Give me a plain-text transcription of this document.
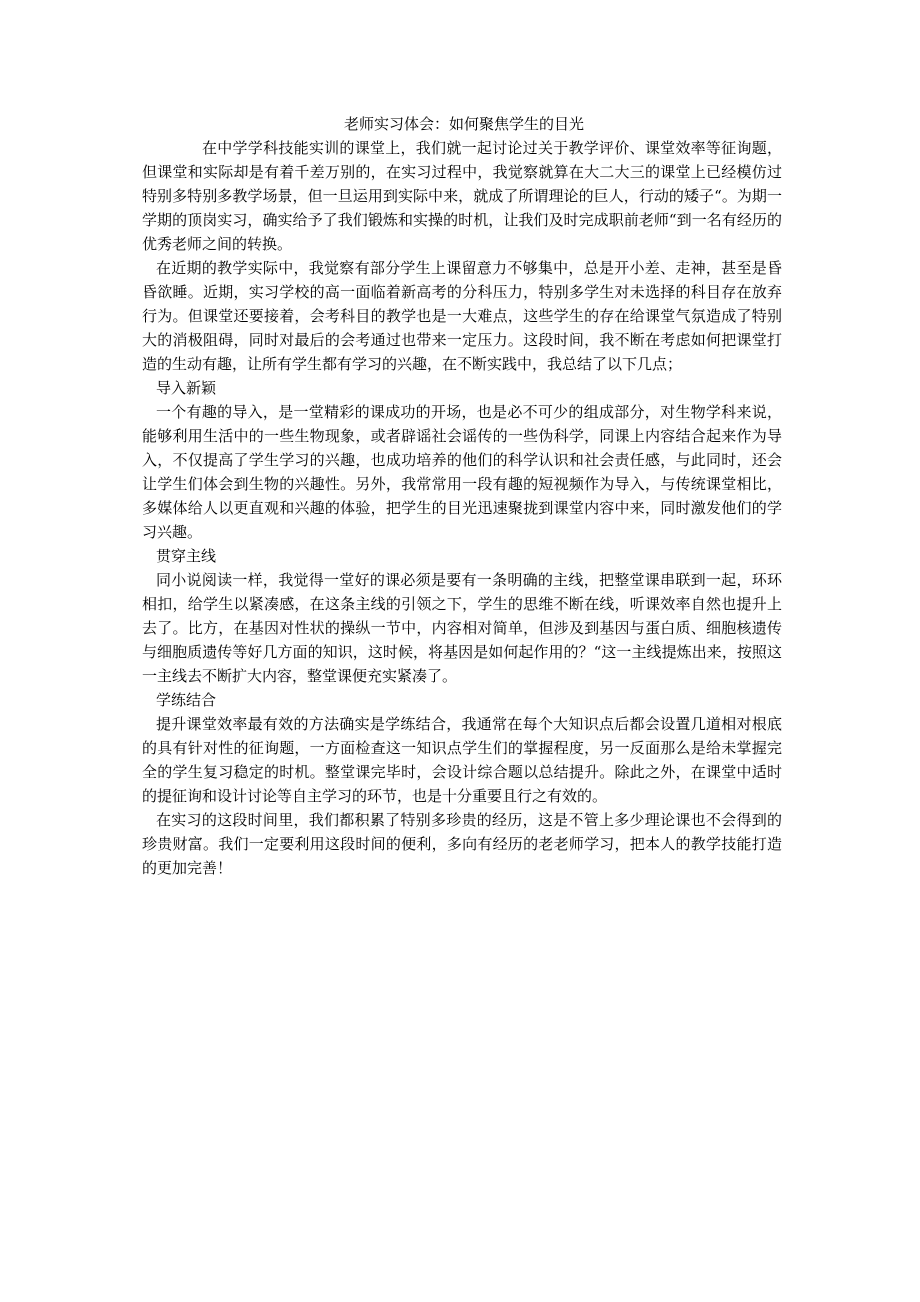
老师实习体会：如何聚焦学生的目光

在中学学科技能实训的课堂上，我们就一起讨论过关于教学评价、课堂效率等征询题，但课堂和实际却是有着千差万别的，在实习过程中，我觉察就算在大二大三的课堂上已经模仿过特别多特别多教学场景，但一旦运用到实际中来，就成了所谓理论的巨人，行动的矮子“。为期一学期的顶岗实习，确实给予了我们锻炼和实操的时机，让我们及时完成职前老师“到一名有经历的优秀老师之间的转换。

在近期的教学实际中，我觉察有部分学生上课留意力不够集中，总是开小差、走神，甚至是昏昏欲睡。近期，实习学校的高一面临着新高考的分科压力，特别多学生对未选择的科目存在放弃行为。但课堂还要接着，会考科目的教学也是一大难点，这些学生的存在给课堂气氛造成了特别大的消极阻碍，同时对最后的会考通过也带来一定压力。这段时间，我不断在考虑如何把课堂打造的生动有趣，让所有学生都有学习的兴趣，在不断实践中，我总结了以下几点；

导入新颖

一个有趣的导入，是一堂精彩的课成功的开场，也是必不可少的组成部分，对生物学科来说，能够利用生活中的一些生物现象，或者辟谣社会谣传的一些伪科学，同课上内容结合起来作为导入，不仅提高了学生学习的兴趣，也成功培养的他们的科学认识和社会责任感，与此同时，还会让学生们体会到生物的兴趣性。另外，我常常用一段有趣的短视频作为导入，与传统课堂相比，多媒体给人以更直观和兴趣的体验，把学生的目光迅速聚拢到课堂内容中来，同时激发他们的学习兴趣。

贯穿主线

同小说阅读一样，我觉得一堂好的课必须是要有一条明确的主线，把整堂课串联到一起，环环相扣，给学生以紧凑感，在这条主线的引领之下，学生的思维不断在线，听课效率自然也提升上去了。比方，在基因对性状的操纵一节中，内容相对简单，但涉及到基因与蛋白质、细胞核遗传与细胞质遗传等好几方面的知识，这时候，将基因是如何起作用的？“这一主线提炼出来，按照这一主线去不断扩大内容，整堂课便充实紧凑了。

学练结合

提升课堂效率最有效的方法确实是学练结合，我通常在每个大知识点后都会设置几道相对根底的具有针对性的征询题，一方面检查这一知识点学生们的掌握程度，另一反面那么是给未掌握完全的学生复习稳定的时机。整堂课完毕时，会设计综合题以总结提升。除此之外，在课堂中适时的提征询和设计讨论等自主学习的环节，也是十分重要且行之有效的。

在实习的这段时间里，我们都积累了特别多珍贵的经历，这是不管上多少理论课也不会得到的珍贵财富。我们一定要利用这段时间的便利，多向有经历的老老师学习，把本人的教学技能打造的更加完善！
